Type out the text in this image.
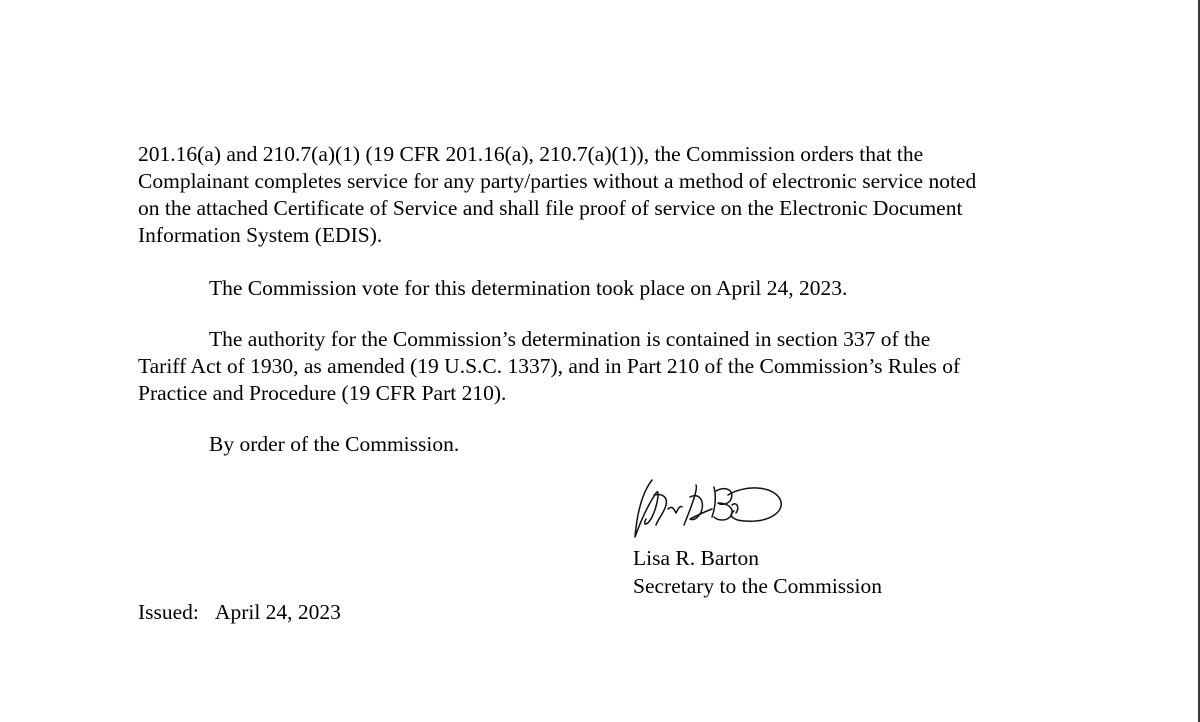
201.16(a) and 210.7(a)(1) (19 CFR 201.16(a), 210.7(a)(1)), the Commission orders that the
Complainant completes service for any party/parties without a method of electronic service noted
on the attached Certificate of Service and shall file proof of service on the Electronic Document
Information System (EDIS).

The Commission vote for this determination took place on April 24, 2023.

The authority for the Commission’s determination is contained in section 337 of the
Tariff Act of 1930, as amended (19 U.S.C. 1337), and in Part 210 of the Commission’s Rules of
Practice and Procedure (19 CFR Part 210).

By order of the Commission.

Lisa R. Barton
Secretary to the Commission
Issued: April 24, 2023
